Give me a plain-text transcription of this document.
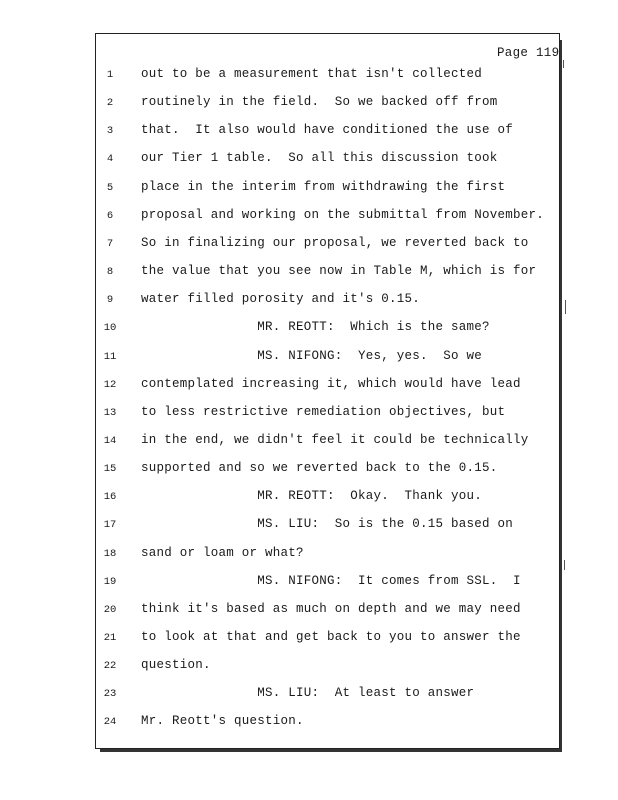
Page 119
1	out to be a measurement that isn't collected
2	routinely in the field.  So we backed off from
3	that.  It also would have conditioned the use of
4	our Tier 1 table.  So all this discussion took
5	place in the interim from withdrawing the first
6	proposal and working on the submittal from November.
7	So in finalizing our proposal, we reverted back to
8	the value that you see now in Table M, which is for
9	water filled porosity and it's 0.15.
10	MR. REOTT:  Which is the same?
11	MS. NIFONG:  Yes, yes.  So we
12	contemplated increasing it, which would have lead
13	to less restrictive remediation objectives, but
14	in the end, we didn't feel it could be technically
15	supported and so we reverted back to the 0.15.
16	MR. REOTT:  Okay.  Thank you.
17	MS. LIU:  So is the 0.15 based on
18	sand or loam or what?
19	MS. NIFONG:  It comes from SSL.  I
20	think it's based as much on depth and we may need
21	to look at that and get back to you to answer the
22	question.
23	MS. LIU:  At least to answer
24	Mr. Reott's question.
